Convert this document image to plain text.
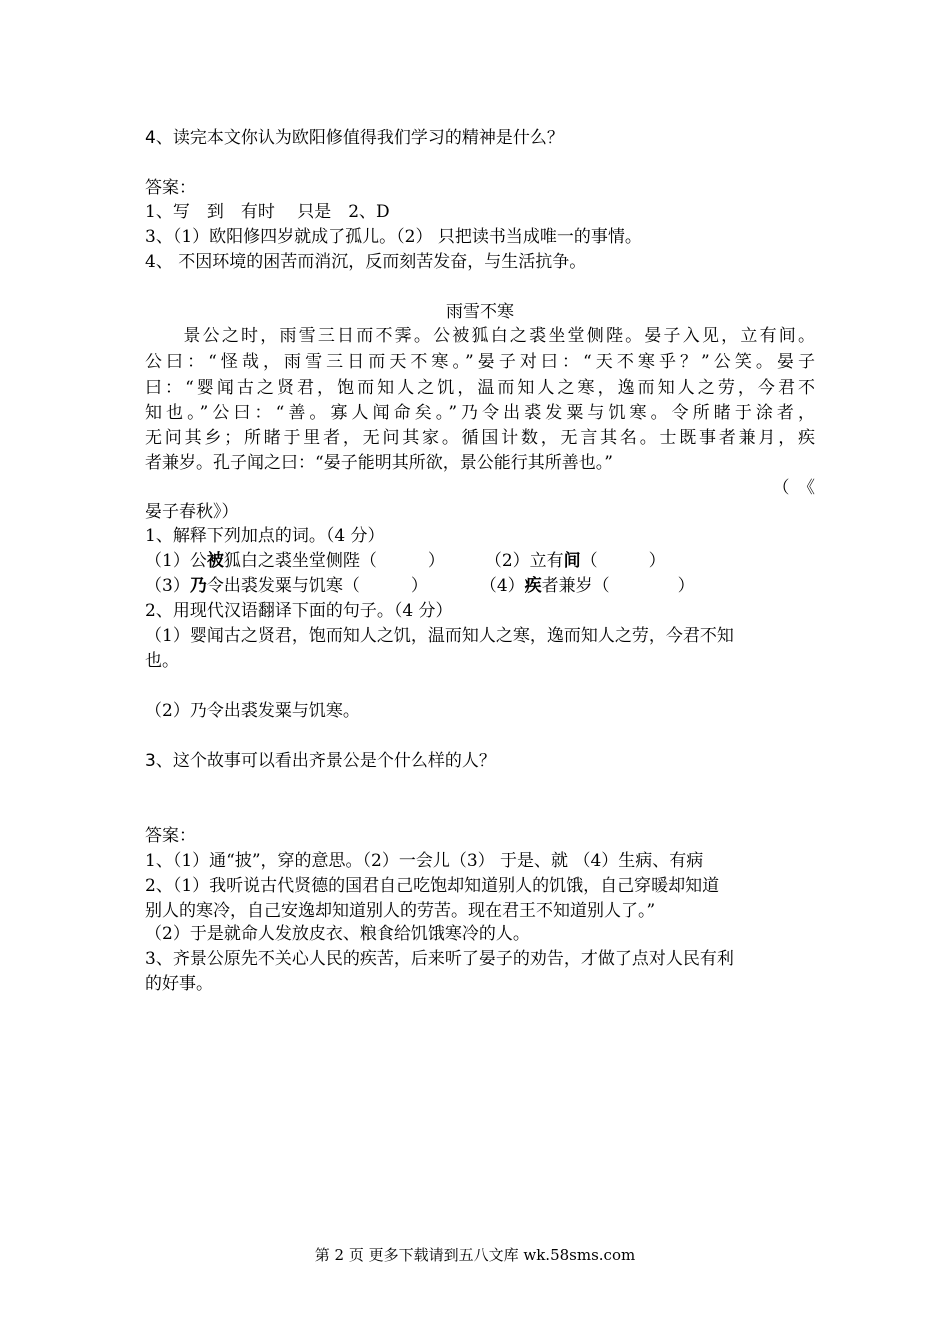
4、读完本文你认为欧阳修值得我们学习的精神是什么？
答案：
1、写　到　有时　 只是　2、D
3、（1）欧阳修四岁就成了孤儿。（2） 只把读书当成唯一的事情。
4、 不因环境的困苦而消沉，反而刻苦发奋，与生活抗争。
雨雪不寒
　　景公之时，雨雪三日而不霁。公被狐白之裘坐堂侧陛。晏子入见，立有间。
公曰：“怪哉，雨雪三日而天不寒。”晏子对曰：“天不寒乎？”公笑。晏子
曰：“婴闻古之贤君，饱而知人之饥，温而知人之寒，逸而知人之劳，今君不
知也。”公曰：“善。寡人闻命矣。”乃令出裘发粟与饥寒。令所睹于涂者，
无问其乡；所睹于里者，无问其家。循国计数，无言其名。士既事者兼月，疾
者兼岁。孔子闻之曰：“晏子能明其所欲，景公能行其所善也。”
（　《
晏子春秋》）
1、解释下列加点的词。（4 分）
（1）公被狐白之裘坐堂侧陛（　　　） （2）立有间（　　　）
（3）乃令出裘发粟与饥寒（　　　）	（4）疾者兼岁（　　　　）
2、用现代汉语翻译下面的句子。（4 分）
（1）婴闻古之贤君，饱而知人之饥，温而知人之寒，逸而知人之劳，今君不知
也。
（2）乃令出裘发粟与饥寒。
3、这个故事可以看出齐景公是个什么样的人？
答案：
1、（1）通“披”，穿的意思。（2）一会儿（3） 于是、就 （4）生病、有病
2、（1）我听说古代贤德的国君自己吃饱却知道别人的饥饿，自己穿暖却知道
别人的寒冷，自己安逸却知道别人的劳苦。现在君王不知道别人了。”
（2）于是就命人发放皮衣、粮食给饥饿寒冷的人。
3、齐景公原先不关心人民的疾苦，后来听了晏子的劝告，才做了点对人民有利
的好事。
第 2 页 更多下载请到五八文库 wk.58sms.com
